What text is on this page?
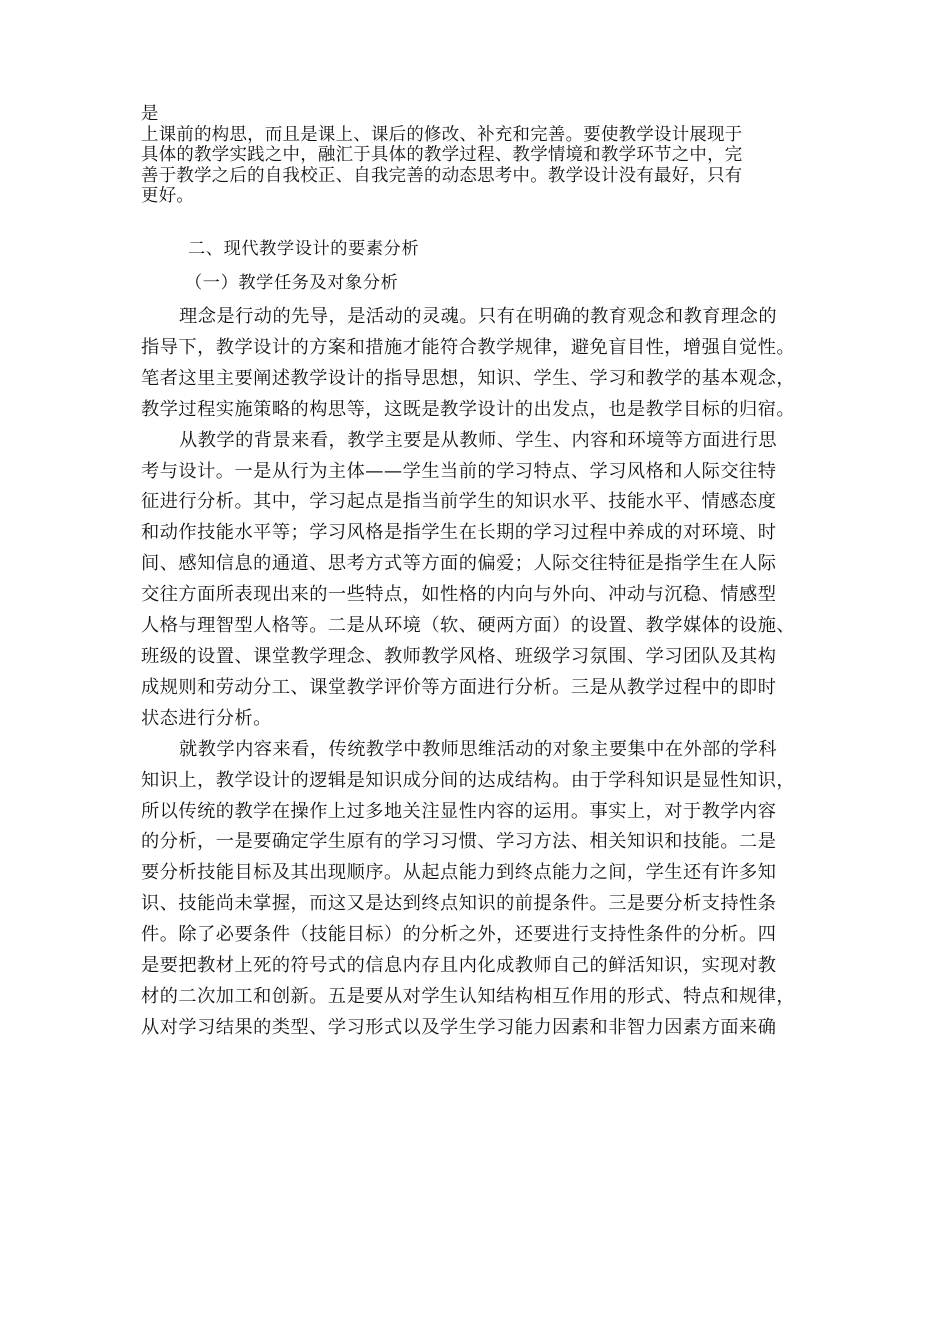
是
上课前的构思，而且是课上、课后的修改、补充和完善。要使教学设计展现于
具体的教学实践之中，融汇于具体的教学过程、教学情境和教学环节之中，完
善于教学之后的自我校正、自我完善的动态思考中。教学设计没有最好，只有
更好。
二、现代教学设计的要素分析
（一）教学任务及对象分析
理念是行动的先导，是活动的灵魂。只有在明确的教育观念和教育理念的
指导下，教学设计的方案和措施才能符合教学规律，避免盲目性，增强自觉性。
笔者这里主要阐述教学设计的指导思想，知识、学生、学习和教学的基本观念，
教学过程实施策略的构思等，这既是教学设计的出发点，也是教学目标的归宿。
从教学的背景来看，教学主要是从教师、学生、内容和环境等方面进行思
考与设计。一是从行为主体——学生当前的学习特点、学习风格和人际交往特
征进行分析。其中，学习起点是指当前学生的知识水平、技能水平、情感态度
和动作技能水平等；学习风格是指学生在长期的学习过程中养成的对环境、时
间、感知信息的通道、思考方式等方面的偏爱；人际交往特征是指学生在人际
交往方面所表现出来的一些特点，如性格的内向与外向、冲动与沉稳、情感型
人格与理智型人格等。二是从环境（软、硬两方面）的设置、教学媒体的设施、
班级的设置、课堂教学理念、教师教学风格、班级学习氛围、学习团队及其构
成规则和劳动分工、课堂教学评价等方面进行分析。三是从教学过程中的即时
状态进行分析。
就教学内容来看，传统教学中教师思维活动的对象主要集中在外部的学科
知识上，教学设计的逻辑是知识成分间的达成结构。由于学科知识是显性知识，
所以传统的教学在操作上过多地关注显性内容的运用。事实上，对于教学内容
的分析，一是要确定学生原有的学习习惯、学习方法、相关知识和技能。二是
要分析技能目标及其出现顺序。从起点能力到终点能力之间，学生还有许多知
识、技能尚未掌握，而这又是达到终点知识的前提条件。三是要分析支持性条
件。除了必要条件（技能目标）的分析之外，还要进行支持性条件的分析。四
是要把教材上死的符号式的信息内存且内化成教师自己的鲜活知识，实现对教
材的二次加工和创新。五是要从对学生认知结构相互作用的形式、特点和规律，
从对学习结果的类型、学习形式以及学生学习能力因素和非智力因素方面来确
